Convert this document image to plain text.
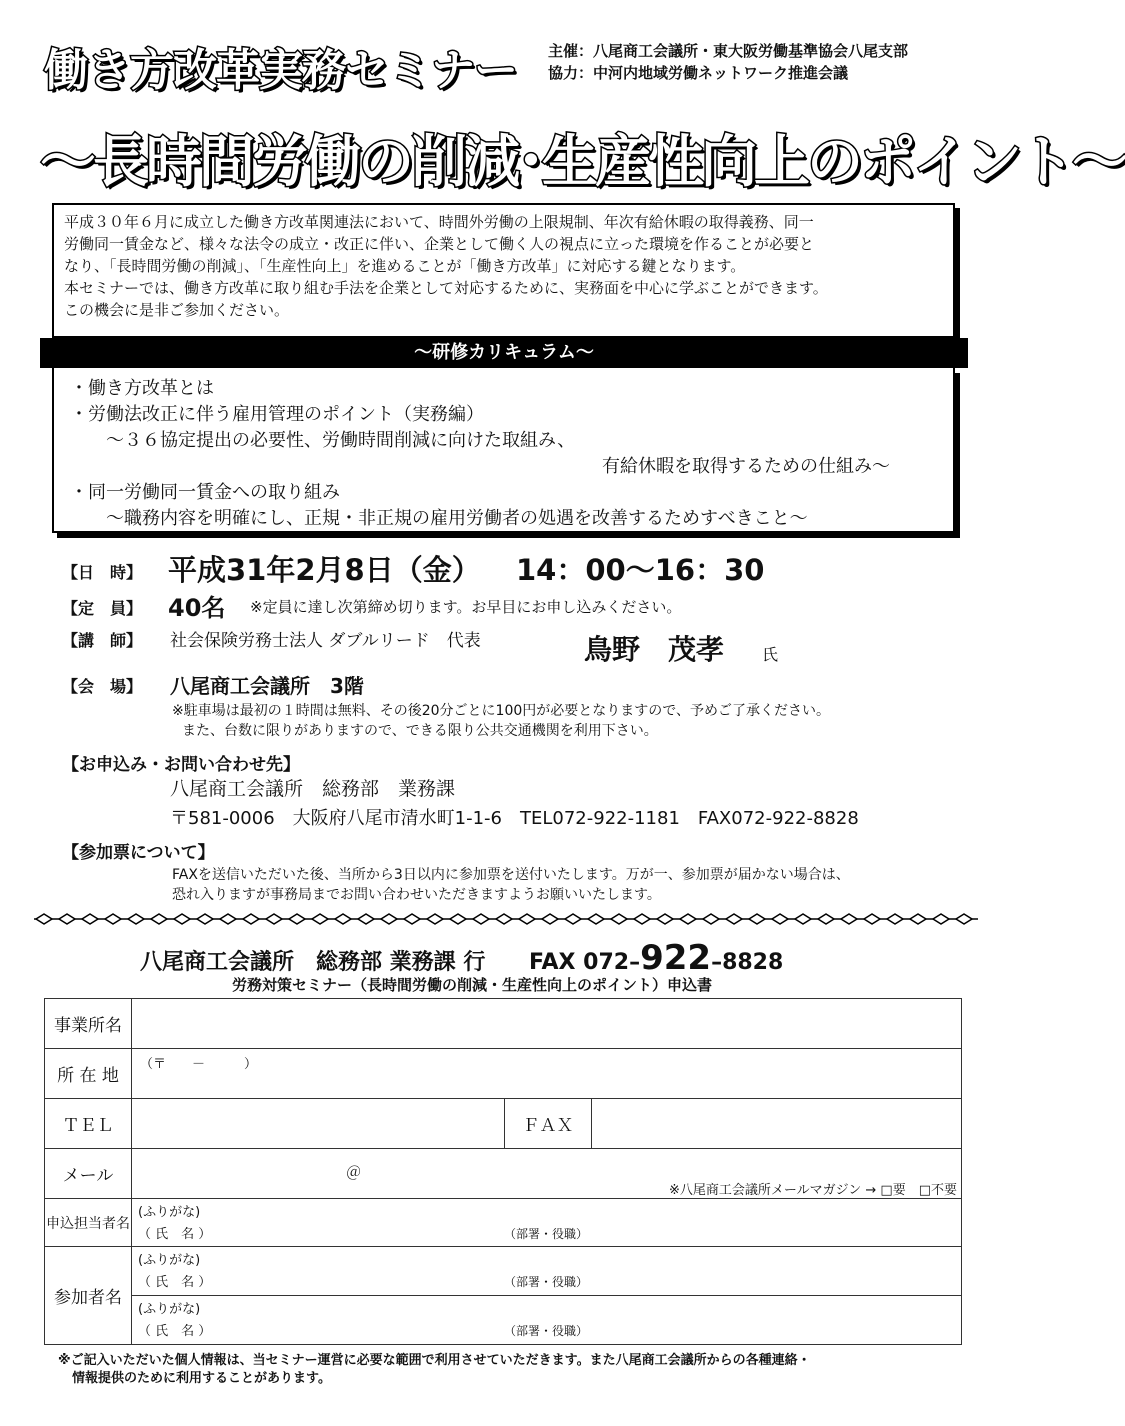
働き方改革実務セミナー 主催：八尾商工会議所・東大阪労働基準協会八尾支部
協力：中河内地域労働ネットワーク推進会議
～長時間労働の削減･生産性向上のポイント～
平成３０年６月に成立した働き方改革関連法において、時間外労働の上限規制、年次有給休暇の取得義務、同一
労働同一賃金など、様々な法令の成立・改正に伴い、企業として働く人の視点に立った環境を作ることが必要と
なり、「長時間労働の削減」、「生産性向上」を進めることが「働き方改革」に対応する鍵となります。
本セミナーでは、働き方改革に取り組む手法を企業として対応するために、実務面を中心に学ぶことができます。
この機会に是非ご参加ください。
～研修カリキュラム～
・働き方改革とは
・労働法改正に伴う雇用管理のポイント（実務編）
～３６協定提出の必要性、労働時間削減に向けた取組み、
有給休暇を取得するための仕組み～
・同一労働同一賃金への取り組み
～職務内容を明確にし、正規・非正規の雇用労働者の処遇を改善するためすべきこと～
【日　時】 平成31年2月8日（金） 14：00～16：30
【定　員】 40名 ※定員に達し次第締め切ります。お早目にお申し込みください。
【講　師】 社会保険労務士法人 ダブルリード　代表	鳥野　茂孝 氏
【会　場】 八尾商工会議所　3階
※駐車場は最初の１時間は無料、その後20分ごとに100円が必要となりますので、予めご了承ください。
また、台数に限りがありますので、できる限り公共交通機関を利用下さい。
【お申込み・お問い合わせ先】
八尾商工会議所　総務部　業務課
〒581-0006　大阪府八尾市清水町1-1-6　TEL072-922-1181　FAX072-922-8828
【参加票について】
FAXを送信いただいた後、当所から3日以内に参加票を送付いたします。万が一、参加票が届かない場合は、
恐れ入りますが事務局までお問い合わせいただきますようお願いいたします。
八尾商工会議所　総務部 業務課 行 FAX 072–922–8828
労務対策セミナー（長時間労働の削減・生産性向上のポイント）申込書
事業所名			
所 在 地	（〒　　－　　　）		

ＴＥＬ		ＦＡＸ	
メール	＠
※八尾商工会議所メールマガジン → □要　□不要		

申込担当者名	(ふりがな)
（ 氏　名 ） （部署・役職）		

参加者名	(ふりがな)
（ 氏　名 ） （部署・役職）		

	(ふりがな)
（ 氏　名 ） （部署・役職）		
※ご記入いただいた個人情報は、当セミナー運営に必要な範囲で利用させていただきます。また八尾商工会議所からの各種連絡・
情報提供のために利用することがあります。
